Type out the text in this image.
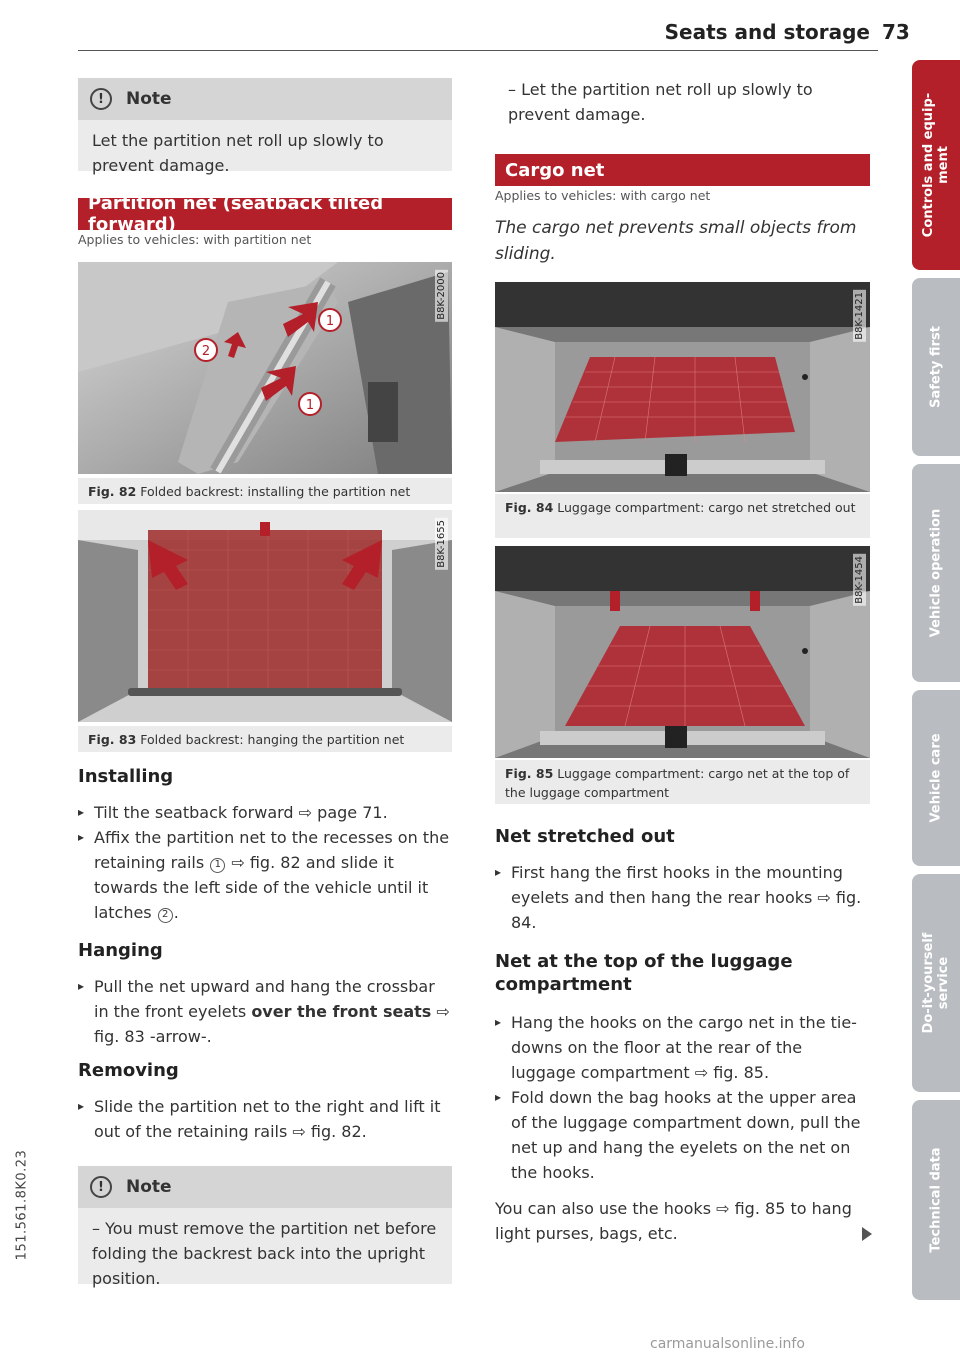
Seats and storage 73
151.561.8K0.23
!	Note

Let the partition net roll up slowly to prevent damage.

Partition net (seatback tilted forward)
Applies to vehicles: with partition net
1
1
2
B8K-2000
Fig. 82 Folded backrest: installing the partition net
B8K-1655
Fig. 83 Folded backrest: hanging the partition net
Installing
▸ Tilt the seatback forward ⇨ page 71.
▸ Affix the partition net to the recesses on the retaining rails 1 ⇨ fig. 82 and slide it towards the left side of the vehicle until it latches 2 .
Hanging
▸ Pull the net upward and hang the crossbar in the front eyelets over the front seats ⇨ fig. 83 -arrow-.
Removing
▸ Slide the partition net to the right and lift it out of the retaining rails ⇨ fig. 82.
!	Note

– You must remove the partition net before folding the backrest back into the upright position.

– Let the partition net roll up slowly to prevent damage.
Cargo net
Applies to vehicles: with cargo net
The cargo net prevents small objects from sliding.
B8K-1421
Fig. 84 Luggage compartment: cargo net stretched out
B8K-1454
Fig. 85 Luggage compartment: cargo net at the top of the luggage compartment
Net stretched out
▸ First hang the first hooks in the mounting eyelets and then hang the rear hooks ⇨ fig. 84.
Net at the top of the luggage compartment
▸ Hang the hooks on the cargo net in the tie-downs on the floor at the rear of the luggage compartment ⇨ fig. 85.
▸ Fold down the bag hooks at the upper area of the luggage compartment down, pull the net up and hang the eyelets on the net on the hooks.
You can also use the hooks ⇨ fig. 85 to hang light purses, bags, etc.
Controls and equip-
ment
Safety first
Vehicle operation
Vehicle care
Do-it-yourself
service
Technical data
carmanualsonline.info
